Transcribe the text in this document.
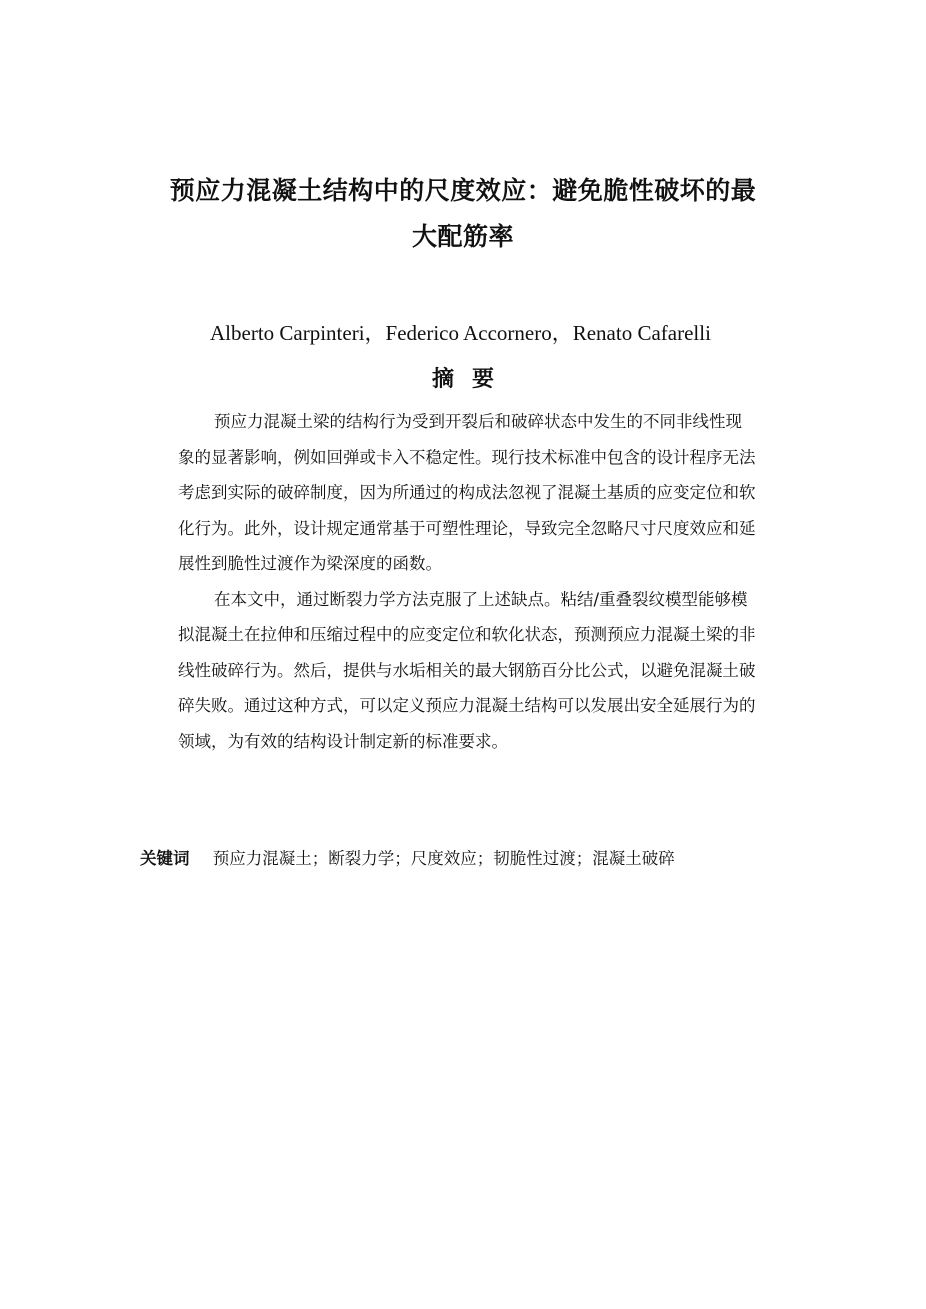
预应力混凝土结构中的尺度效应：避免脆性破坏的最
大配筋率
Alberto Carpinteri，Federico Accornero，Renato Cafarelli
摘要
预应力混凝土梁的结构行为受到开裂后和破碎状态中发生的不同非线性现
象的显著影响，例如回弹或卡入不稳定性。现行技术标准中包含的设计程序无法
考虑到实际的破碎制度，因为所通过的构成法忽视了混凝土基质的应变定位和软
化行为。此外，设计规定通常基于可塑性理论，导致完全忽略尺寸尺度效应和延
展性到脆性过渡作为梁深度的函数。
在本文中，通过断裂力学方法克服了上述缺点。粘结/重叠裂纹模型能够模
拟混凝土在拉伸和压缩过程中的应变定位和软化状态，预测预应力混凝土梁的非
线性破碎行为。然后，提供与水垢相关的最大钢筋百分比公式，以避免混凝土破
碎失败。通过这种方式，可以定义预应力混凝土结构可以发展出安全延展行为的
领域，为有效的结构设计制定新的标准要求。
关键词 预应力混凝土；断裂力学；尺度效应；韧脆性过渡；混凝土破碎
